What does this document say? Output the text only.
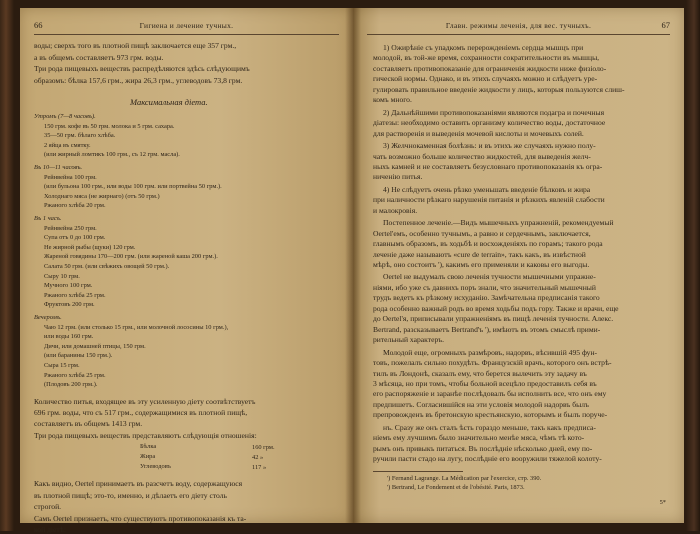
66	Гигиена и лечение тучных.
воды; сверхъ того въ плотной пищѣ заключается еще 357 грм.,
а въ общемъ составляетъ 973 грм. воды.
Три рода пищевыхъ веществъ распредѣляются здѣсь слѣдующимъ
образомъ: бѣлка 157,6 грм., жира 26,3 грм., углеводовъ 73,8 грм.
Максимальная діета.
Утромъ (7—8 часовъ).
150 грм. кофе въ 50 грм. молока и 5 грм. сахара.
35—50 грм. бѣлаго хлѣба.
2 яйца въ смятку.
(или жирный ломтикъ 100 грм., съ 12 грм. масла).
Въ 10—11 часовъ.
Рейнвейна 100 грм.
(или бульона 100 грм., или воды 100 грм. или портвейна 50 грм.).
Холоднаго мяса (не жирнаго) (отъ 50 грм.)
Ржаного хлѣба 20 грм.
Въ 1 часъ.
Рейнвейна 250 грм.
Супа отъ 0 до 100 грм.
Не жирной рыбы (щуки) 120 грм.
Жареной говядины 170—200 грм. (или жареной каша 200 грм.).
Салата 50 грм. (или свѣжихъ овощей 50 грм.).
Сыру 10 грм.
Мучного 100 грм.
Ржаного хлѣба 25 грм.
Фруктовъ 200 грм.
Вечеромъ.
Чаю 12 грм. (или столько 15 грм., или молочной лососины 10 грм.),
или воды 160 грм.
Дичи, или домашней птицы, 150 грм.
(или баранины 150 грм.).
Сыра 15 грм.
Ржаного хлѣба 25 грм.
(Плодовъ 200 грм.).
Количество питья, входящее въ эту усиленную діету соотвѣтствуетъ
696 грм. воды, что съ 517 грм., содержащимися въ плотной пищѣ,
составляетъ въ общемъ 1413 грм.
Три рода пищевыхъ веществъ представляютъ слѣдующія отношенія:
Бѣлка	160 грм.
Жира	42 »
Углеводовъ	117 »
Какъ видно, Oertel принимаетъ въ разсчетъ воду, содержащуюся
въ плотной пищѣ; это-то, именно, и дѣлаетъ его діету столь
строгой.
Самъ Oertel признаетъ, что существуютъ противопоказанія къ та-
кой діетѣ:
Главн. режимы леченія, для вес. тучныхъ.	67
1) Ожирѣніе съ упадкомъ перерожденіемъ сердца мышцъ при
молодой, въ той-же время, сохранности сократительности въ мышцы,
составляетъ противопоказаніе для ограниченія жидкости ниже физіоло-
гической нормы. Однако, и въ этихъ случаяхъ можно и слѣдуетъ уре-
гулировать правильное введеніе жидкости у лицъ, которыя пользуются слиш-
комъ много.
2) Дальнѣйшими противопоказаніями являются подагра и почечныя
діатезы: необходимо оставить организму количество воды, достаточное
для растворенія и выведенія мочевой кислоты и мочевыхъ солей.
3) Желчнокаменная болѣзнь: и въ этихъ же случаяхъ нужно полу-
чать возможно больше количество жидкостей, для выведенія желч-
ныхъ камней и не составляетъ безусловнаго противопоказанія къ огра-
ниченію питья.
4) Не слѣдуетъ очень рѣзко уменьшать введеніе бѣлковъ и жира
при наличности рѣзкаго нарушенія питанія и рѣзкихъ явленій слабости
и малокровія.
Постепенное леченіе.—Видъ мышечныхъ упражненій, рекомендуемый
Oertel'емъ, особенно тучнымъ, а равно и сердечнымъ, заключается,
главнымъ образомъ, въ ходьбѣ и восхожденіяхъ по горамъ; такого рода
леченіе даже называютъ «cure de terrain», такъ какъ, въ извѣстной
мѣрѣ, оно состоитъ '), какимъ его применяли и каковы его выгоды.
Oertel не выдумалъ свою леченія тучности мышечными упражне-
ніями, ибо уже съ давнихъ поръ знали, что значительный мышечный
трудъ ведетъ къ рѣзкому исхуданію. Замѣчательна предписанія такого
рода особенно важный родъ во время ходьбы подъ гору. Также и врачи, еще
до Oertel'я, приписывали упражненіямъ въ пищѣ леченія тучности. Алекс.
Bertrand, разсказываетъ Bertrand'ъ '), имѣютъ въ этомъ смыслѣ прими-
рительный характеръ.
Молодой еще, огромныхъ размѣровъ, надорвъ, вѣсившій 495 фун-
товъ, пожелалъ сильно похудѣть. Французскій врачъ, которого онъ встрѣ-
тилъ въ Лондонѣ, сказалъ ему, что берется вылечить эту задачу въ
3 мѣсяца, но при томъ, чтобы больной всецѣло предоставилъ себя въ
его распоряженіе и заранѣе послѣдовалъ бы исполнить все, что онъ ему
предпишетъ. Согласившійся на эти условія молодой надорвъ былъ
препровожденъ въ бретонскую крестьянскую, которымъ и былъ поруче-
нъ. Сразу же онъ сталъ ѣсть гораздо меньше, такъ какъ предписа-
ніемъ ему лучшимъ было значительно менѣе мяса, чѣмъ тѣ кото-
рымъ онъ привыкъ питаться. Въ послѣдніе нѣсколько дней, ему по-
ручили пасти стадо на лугу, послѣдніе его вооружили тяжелой колоту-
') Fernand Lagrange. La Médication par l'exercice, стр. 390.
') Bertrand, Le Fondement et de l'obésité. Paris, 1873.
5*
